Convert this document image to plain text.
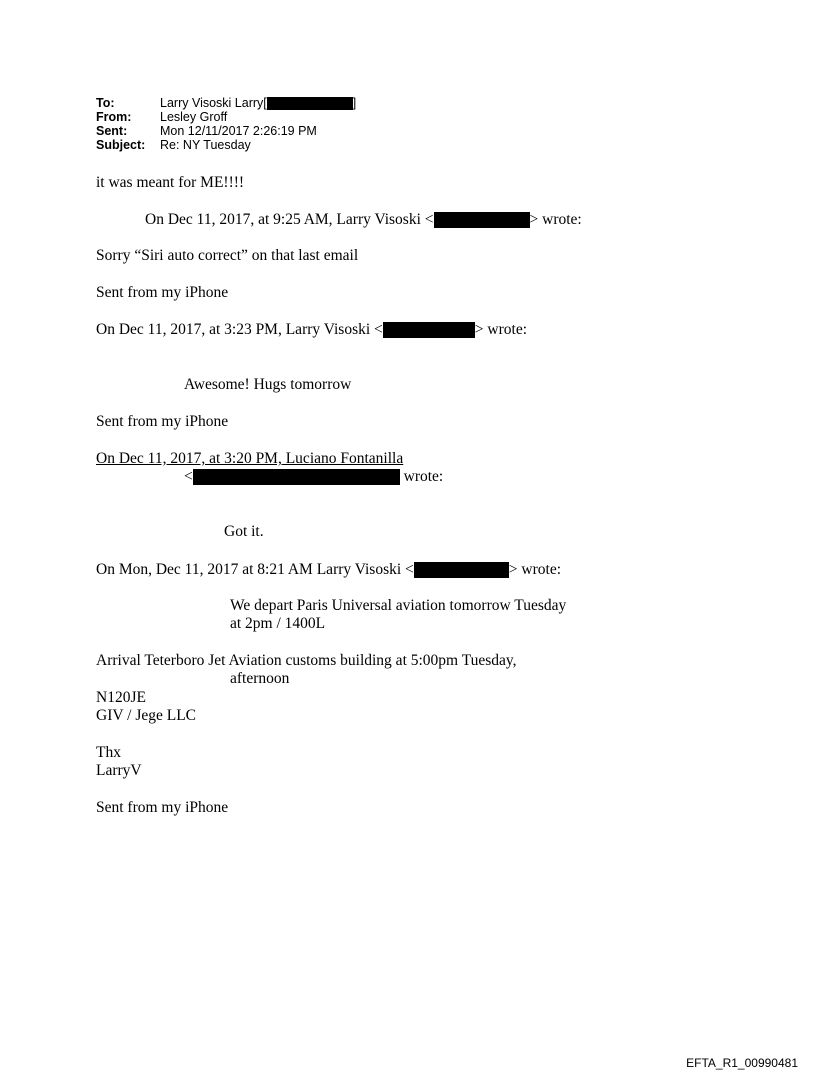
To:	Larry Visoski Larry[	]
From: Lesley Groff
Sent:	Mon 12/11/2017 2:26:19 PM
Subject: Re: NY Tuesday
it was meant for ME!!!!
On Dec 11, 2017, at 9:25 AM, Larry Visoski <	> wrote:
Sorry “Siri auto correct” on that last email
Sent from my iPhone
On Dec 11, 2017, at 3:23 PM, Larry Visoski <	> wrote:
Awesome! Hugs tomorrow
Sent from my iPhone
On Dec 11, 2017, at 3:20 PM, Luciano Fontanilla
<	wrote:
Got it.
On Mon, Dec 11, 2017 at 8:21 AM Larry Visoski <	> wrote:
We depart Paris Universal aviation tomorrow Tuesday
at 2pm / 1400L
Arrival Teterboro Jet Aviation customs building at 5:00pm Tuesday,
afternoon
N120JE
GIV / Jege LLC
Thx
LarryV
Sent from my iPhone
EFTA_R1_00990481
